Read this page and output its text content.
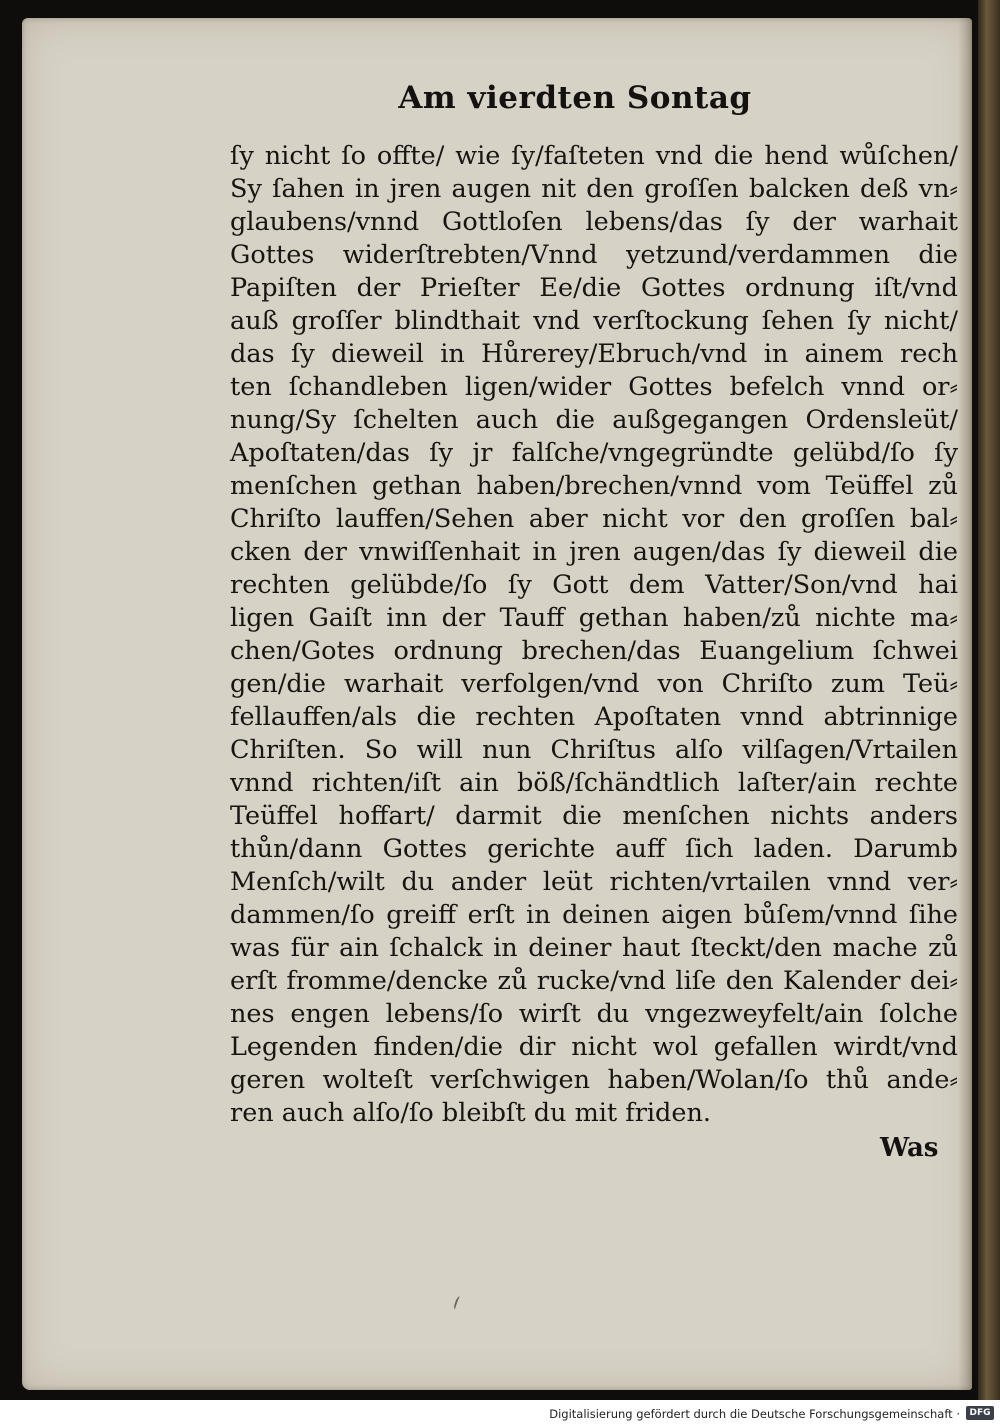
Am vierdten Sontag
ſy nicht ſo offte/ wie ſy/faſteten vnd die hend wůſchen/
Sy ſahen in jren augen nit den groſſen balcken deß vn⸗
glaubens/vnnd Gottloſen lebens/das ſy der warhait
Gottes widerſtrebten/Vnnd yetzund/verdammen die
Papiſten der Prieſter Ee/die Gottes ordnung iſt/vnd
auß groſſer blindthait vnd verſtockung ſehen ſy nicht/
das ſy dieweil in Hůrerey/Ebruch/vnd in ainem rech
ten ſchandleben ligen/wider Gottes befelch vnnd or⸗
nung/Sy ſchelten auch die außgegangen Ordensleüt/
Apoſtaten/das ſy jr falſche/vngegründte gelübd/ſo ſy
menſchen gethan haben/brechen/vnnd vom Teüffel zů
Chriſto lauffen/Sehen aber nicht vor den groſſen bal⸗
cken der vnwiſſenhait in jren augen/das ſy dieweil die
rechten gelübde/ſo ſy Gott dem Vatter/Son/vnd hai
ligen Gaiſt inn der Tauff gethan haben/zů nichte ma⸗
chen/Gotes ordnung brechen/das Euangelium ſchwei
gen/die warhait verfolgen/vnd von Chriſto zum Teü⸗
fellauffen/als die rechten Apoſtaten vnnd abtrinnige
Chriſten. So will nun Chriſtus alſo vilſagen/Vrtailen
vnnd richten/iſt ain böß/ſchändtlich laſter/ain rechte
Teüffel hoffart/ darmit die menſchen nichts anders
thůn/dann Gottes gerichte auff ſich laden. Darumb
Menſch/wilt du ander leüt richten/vrtailen vnnd ver⸗
dammen/ſo greiff erſt in deinen aigen bůſem/vnnd ſihe
was für ain ſchalck in deiner haut ſteckt/den mache zů
erſt fromme/dencke zů rucke/vnd liſe den Kalender dei⸗
nes engen lebens/ſo wirſt du vngezweyfelt/ain ſolche
Legenden finden/die dir nicht wol gefallen wirdt/vnd
geren wolteſt verſchwigen haben/Wolan/ſo thů ande⸗
ren auch alſo/ſo bleibſt du mit friden.
Was
Digitalisierung gefördert durch die Deutsche Forschungsgemeinschaft ·	DFG
